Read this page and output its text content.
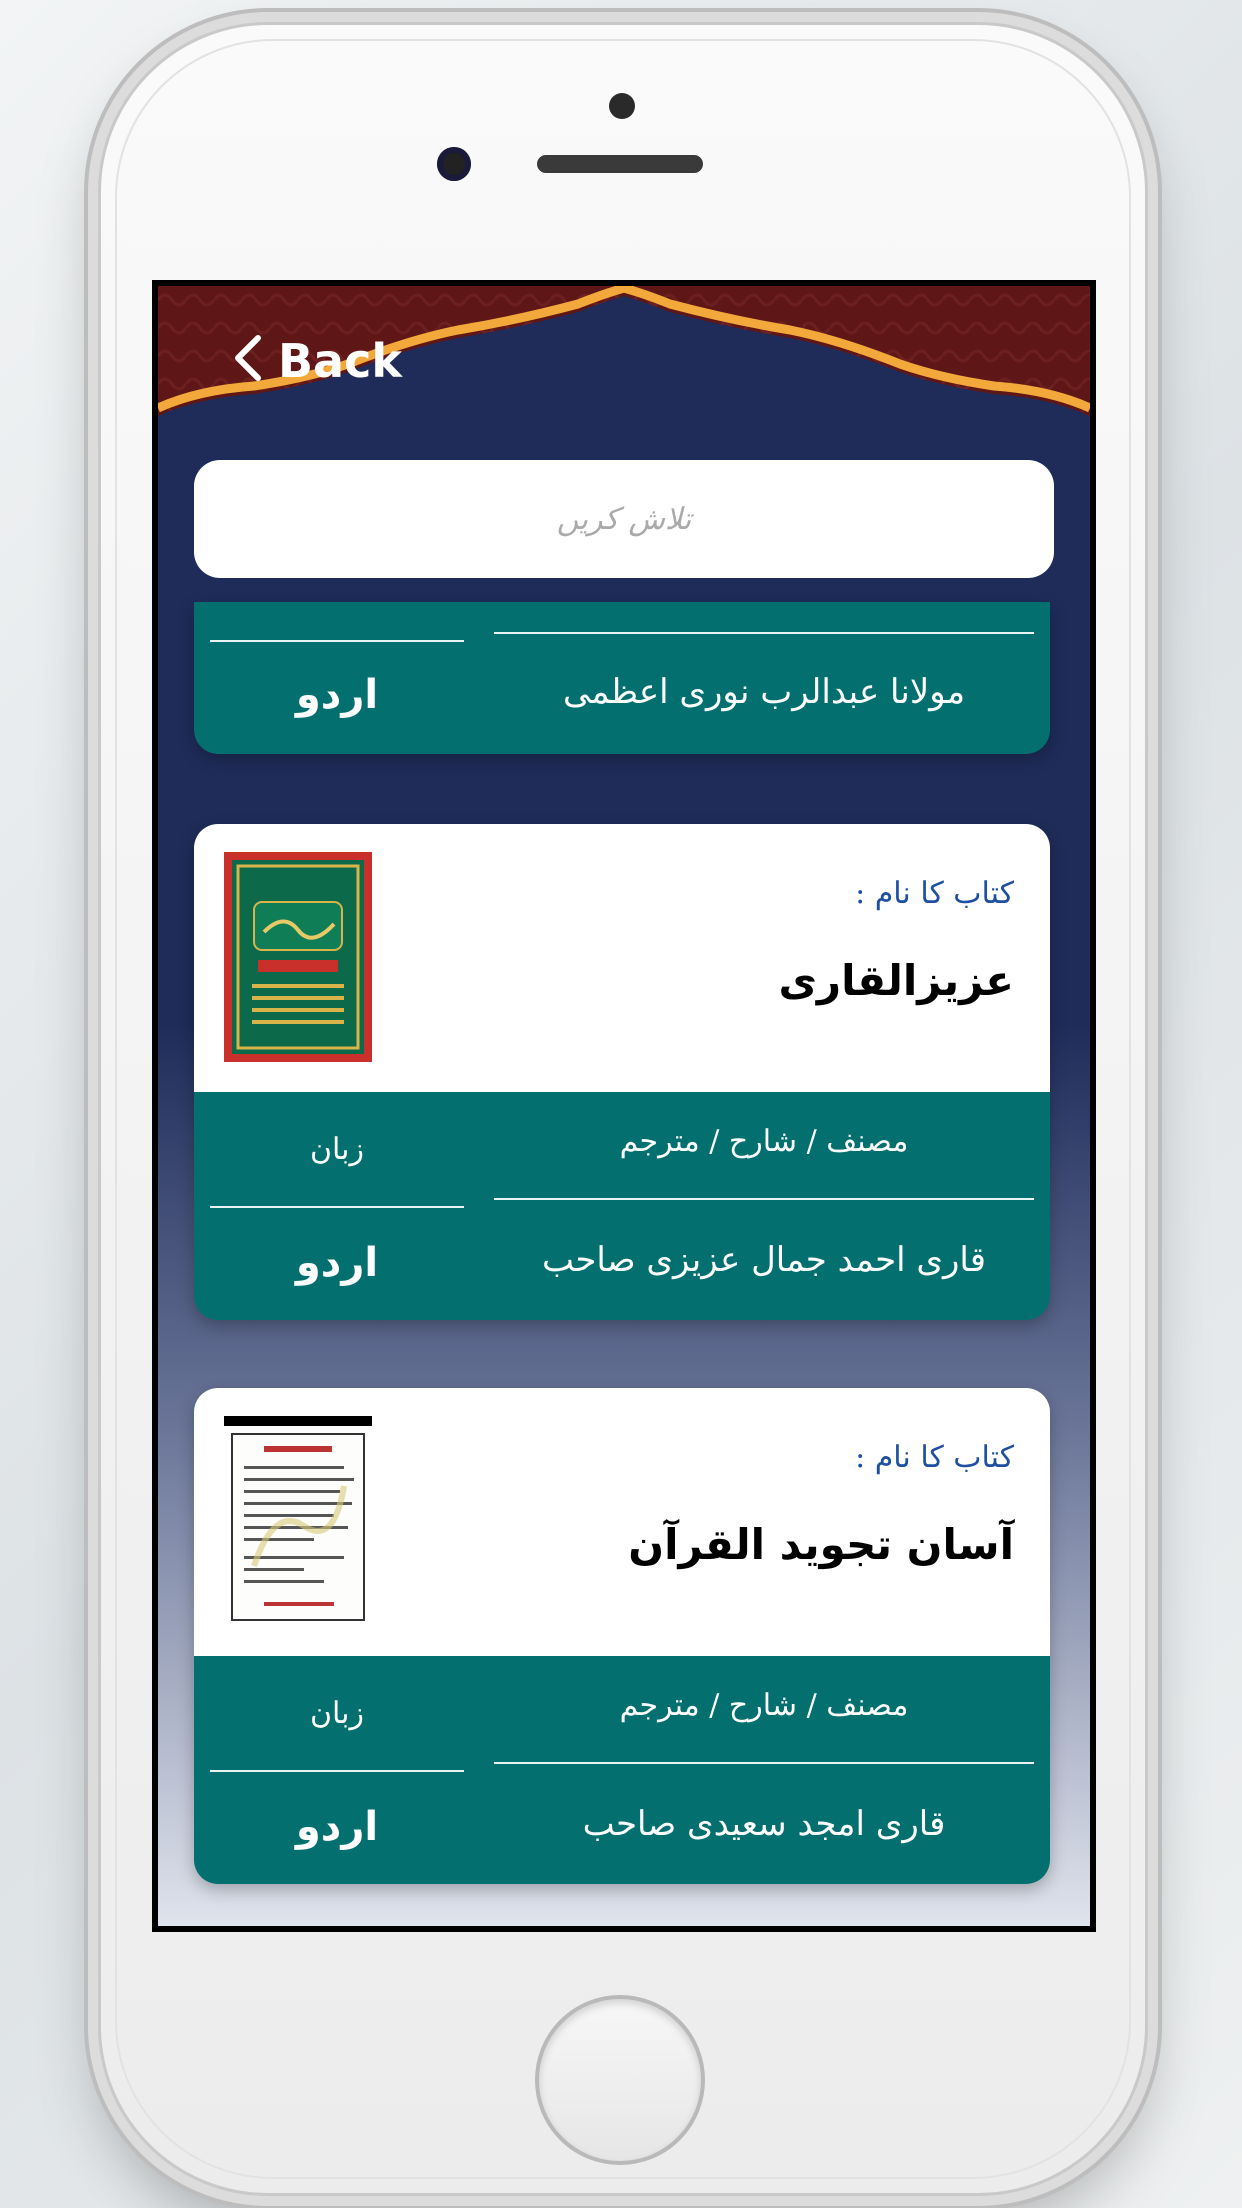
Back
تلاش کریں
مولانا عبدالرب نوری اعظمی
اردو
کتاب کا نام :
عزیزالقاری
مصنف / شارح / مترجم
زبان
قاری احمد جمال عزیزی صاحب
اردو
کتاب کا نام :
آسان تجوید القرآن
مصنف / شارح / مترجم
زبان
قاری امجد سعیدی صاحب
اردو
